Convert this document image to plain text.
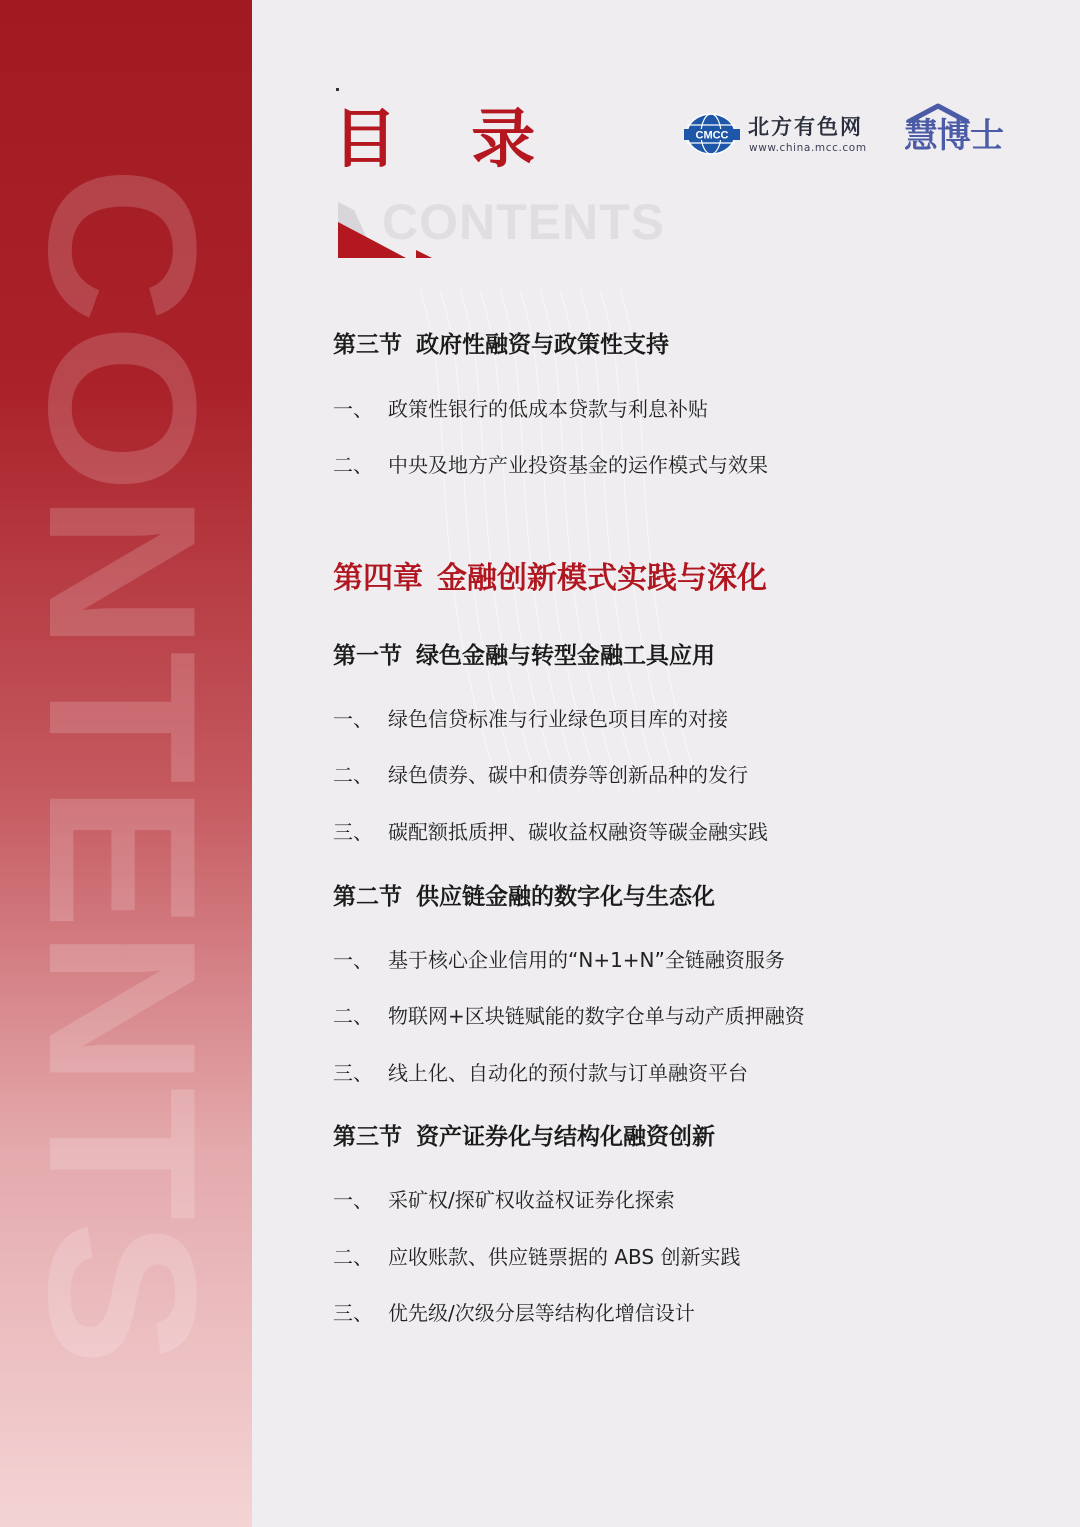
CONTENTS
目 录
CONTENTS
CMCC 北方有色网
www.china.mcc.com 慧博士
第三节 政府性融资与政策性支持
一、 政策性银行的低成本贷款与利息补贴
二、 中央及地方产业投资基金的运作模式与效果
第四章 金融创新模式实践与深化
第一节 绿色金融与转型金融工具应用
一、 绿色信贷标准与行业绿色项目库的对接
二、 绿色债券、碳中和债券等创新品种的发行
三、 碳配额抵质押、碳收益权融资等碳金融实践
第二节 供应链金融的数字化与生态化
一、 基于核心企业信用的“N+1+N”全链融资服务
二、 物联网+区块链赋能的数字仓单与动产质押融资
三、 线上化、自动化的预付款与订单融资平台
第三节 资产证券化与结构化融资创新
一、 采矿权/探矿权收益权证券化探索
二、 应收账款、供应链票据的 ABS 创新实践
三、 优先级/次级分层等结构化增信设计
